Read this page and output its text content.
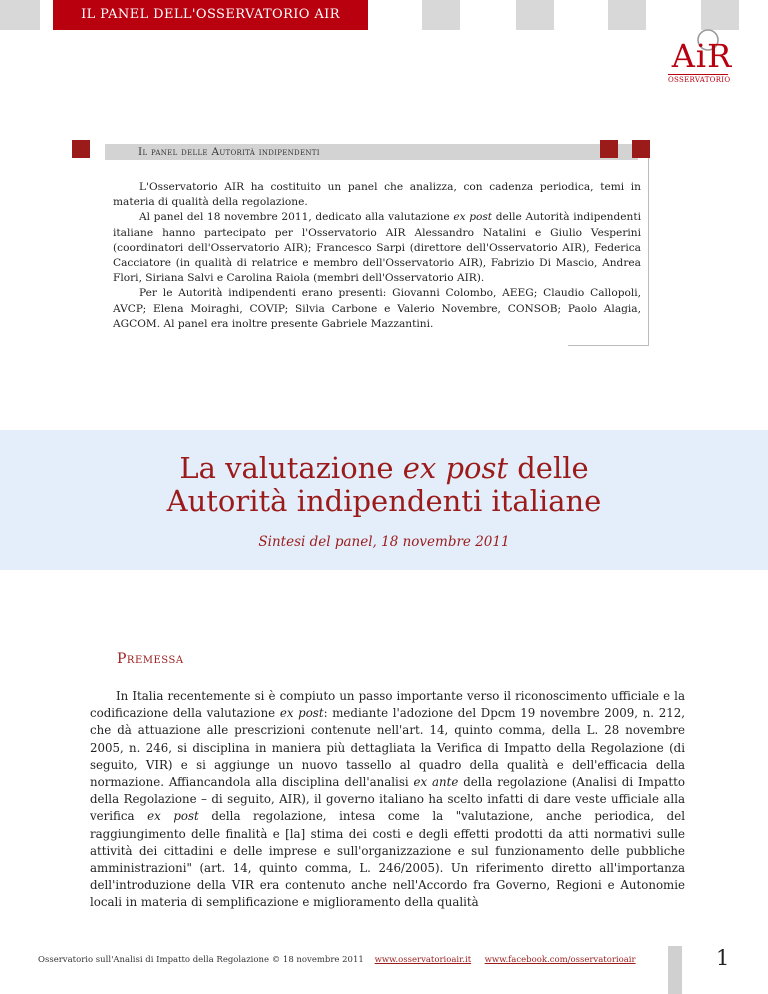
IL PANEL DELL'OSSERVATORIO AIR
AiR
OSSERVATORIO
Il panel delle Autorità indipendenti

L'Osservatorio AIR ha costituito un panel che analizza, con cadenza periodica, temi in materia di qualità della regolazione.

Al panel del 18 novembre 2011, dedicato alla valutazione ex post delle Autorità indipendenti italiane hanno partecipato per l'Osservatorio AIR Alessandro Natalini e Giulio Vesperini (coordinatori dell'Osservatorio AIR); Francesco Sarpi (direttore dell'Osservatorio AIR), Federica Cacciatore (in qualità di relatrice e membro dell'Osservatorio AIR), Fabrizio Di Mascio, Andrea Flori, Siriana Salvi e Carolina Raiola (membri dell'Osservatorio AIR).

Per le Autorità indipendenti erano presenti: Giovanni Colombo, AEEG; Claudio Callopoli, AVCP; Elena Moiraghi, COVIP; Silvia Carbone e Valerio Novembre, CONSOB; Paolo Alagia, AGCOM. Al panel era inoltre presente Gabriele Mazzantini.

La valutazione ex post delle
Autorità indipendenti italiane
Sintesi del panel, 18 novembre 2011
Premessa

In Italia recentemente si è compiuto un passo importante verso il riconoscimento ufficiale e la codificazione della valutazione ex post: mediante l'adozione del Dpcm 19 novembre 2009, n. 212, che dà attuazione alle prescrizioni contenute nell'art. 14, quinto comma, della L. 28 novembre 2005, n. 246, si disciplina in maniera più dettagliata la Verifica di Impatto della Regolazione (di seguito, VIR) e si aggiunge un nuovo tassello al quadro della qualità e dell'efficacia della normazione. Affiancandola alla disciplina dell'analisi ex ante della regolazione (Analisi di Impatto della Regolazione – di seguito, AIR), il governo italiano ha scelto infatti di dare veste ufficiale alla verifica ex post della regolazione, intesa come la "valutazione, anche periodica, del raggiungimento delle finalità e [la] stima dei costi e degli effetti prodotti da atti normativi sulle attività dei cittadini e delle imprese e sull'organizzazione e sul funzionamento delle pubbliche amministrazioni" (art. 14, quinto comma, L. 246/2005). Un riferimento diretto all'importanza dell'introduzione della VIR era contenuto anche nell'Accordo fra Governo, Regioni e Autonomie locali in materia di semplificazione e miglioramento della qualità

Osservatorio sull'Analisi di Impatto della Regolazione © 18 novembre 2011 www.osservatorioair.it www.facebook.com/osservatorioair	1
